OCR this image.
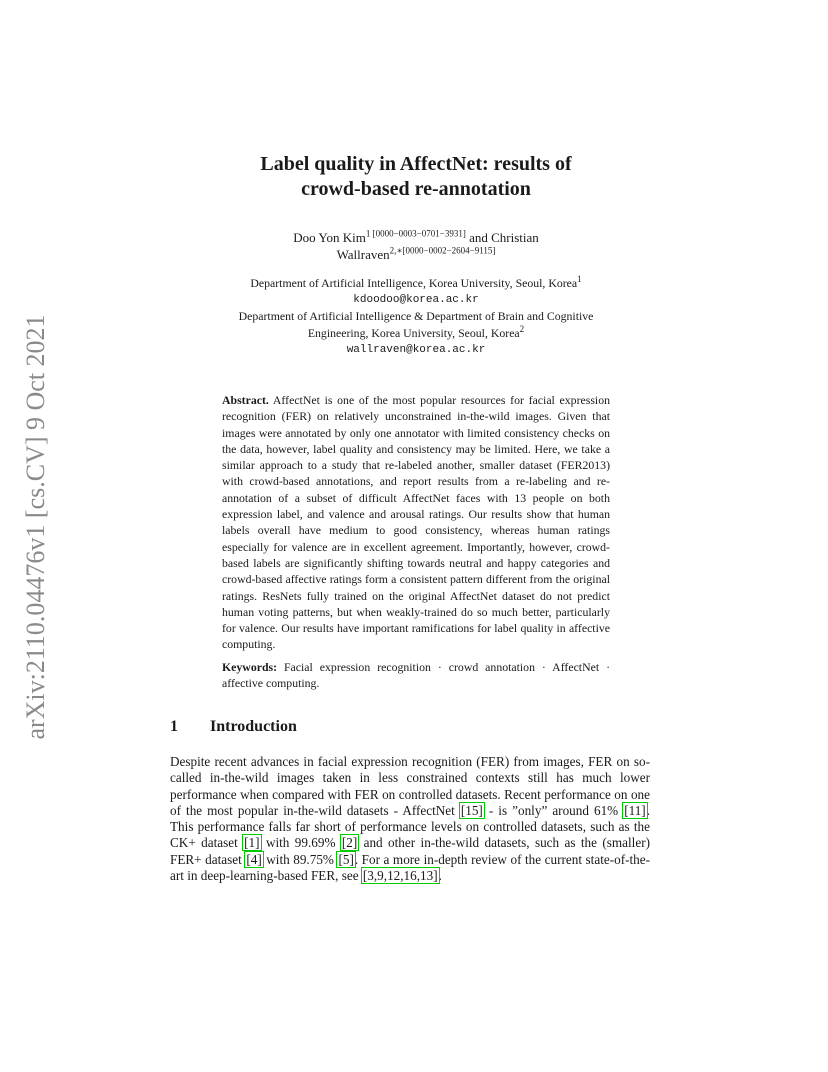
arXiv:2110.04476v1 [cs.CV] 9 Oct 2021
Label quality in AffectNet: results of
crowd-based re-annotation
Doo Yon Kim$^{1 [0000-0003-0701-3931]}$ and Christian
Wallraven$^{2,∗[0000-0002-2604-9115]}$
Department of Artificial Intelligence, Korea University, Seoul, Korea$^1$
kdoodoo@korea.ac.kr
Department of Artificial Intelligence & Department of Brain and Cognitive
Engineering, Korea University, Seoul, Korea$^2$
wallraven@korea.ac.kr
Abstract. AffectNet is one of the most popular resources for facial expression recognition (FER) on relatively unconstrained in-the-wild images. Given that images were annotated by only one annotator with limited consistency checks on the data, however, label quality and consistency may be limited. Here, we take a similar approach to a study that re-labeled another, smaller dataset (FER2013) with crowd-based annotations, and report results from a re-labeling and re-annotation of a subset of difficult AffectNet faces with 13 people on both expression label, and valence and arousal ratings. Our results show that human labels overall have medium to good consistency, whereas human ratings especially for valence are in excellent agreement. Importantly, however, crowd-based labels are significantly shifting towards neutral and happy categories and crowd-based affective ratings form a consistent pattern different from the original ratings. ResNets fully trained on the original AffectNet dataset do not predict human voting patterns, but when weakly-trained do so much better, particularly for valence. Our results have important ramifications for label quality in affective computing.
Keywords: Facial expression recognition · crowd annotation · AffectNet · affective computing.
1 Introduction
Despite recent advances in facial expression recognition (FER) from images, FER on so-called in-the-wild images taken in less constrained contexts still has much lower performance when compared with FER on controlled datasets. Recent performance on one of the most popular in-the-wild datasets - AffectNet [15] - is ”only” around 61% [11]. This performance falls far short of performance levels on controlled datasets, such as the CK+ dataset [1] with 99.69% [2] and other in-the-wild datasets, such as the (smaller) FER+ dataset [4] with 89.75% [5]. For a more in-depth review of the current state-of-the-art in deep-learning-based FER, see [3,9,12,16,13].
